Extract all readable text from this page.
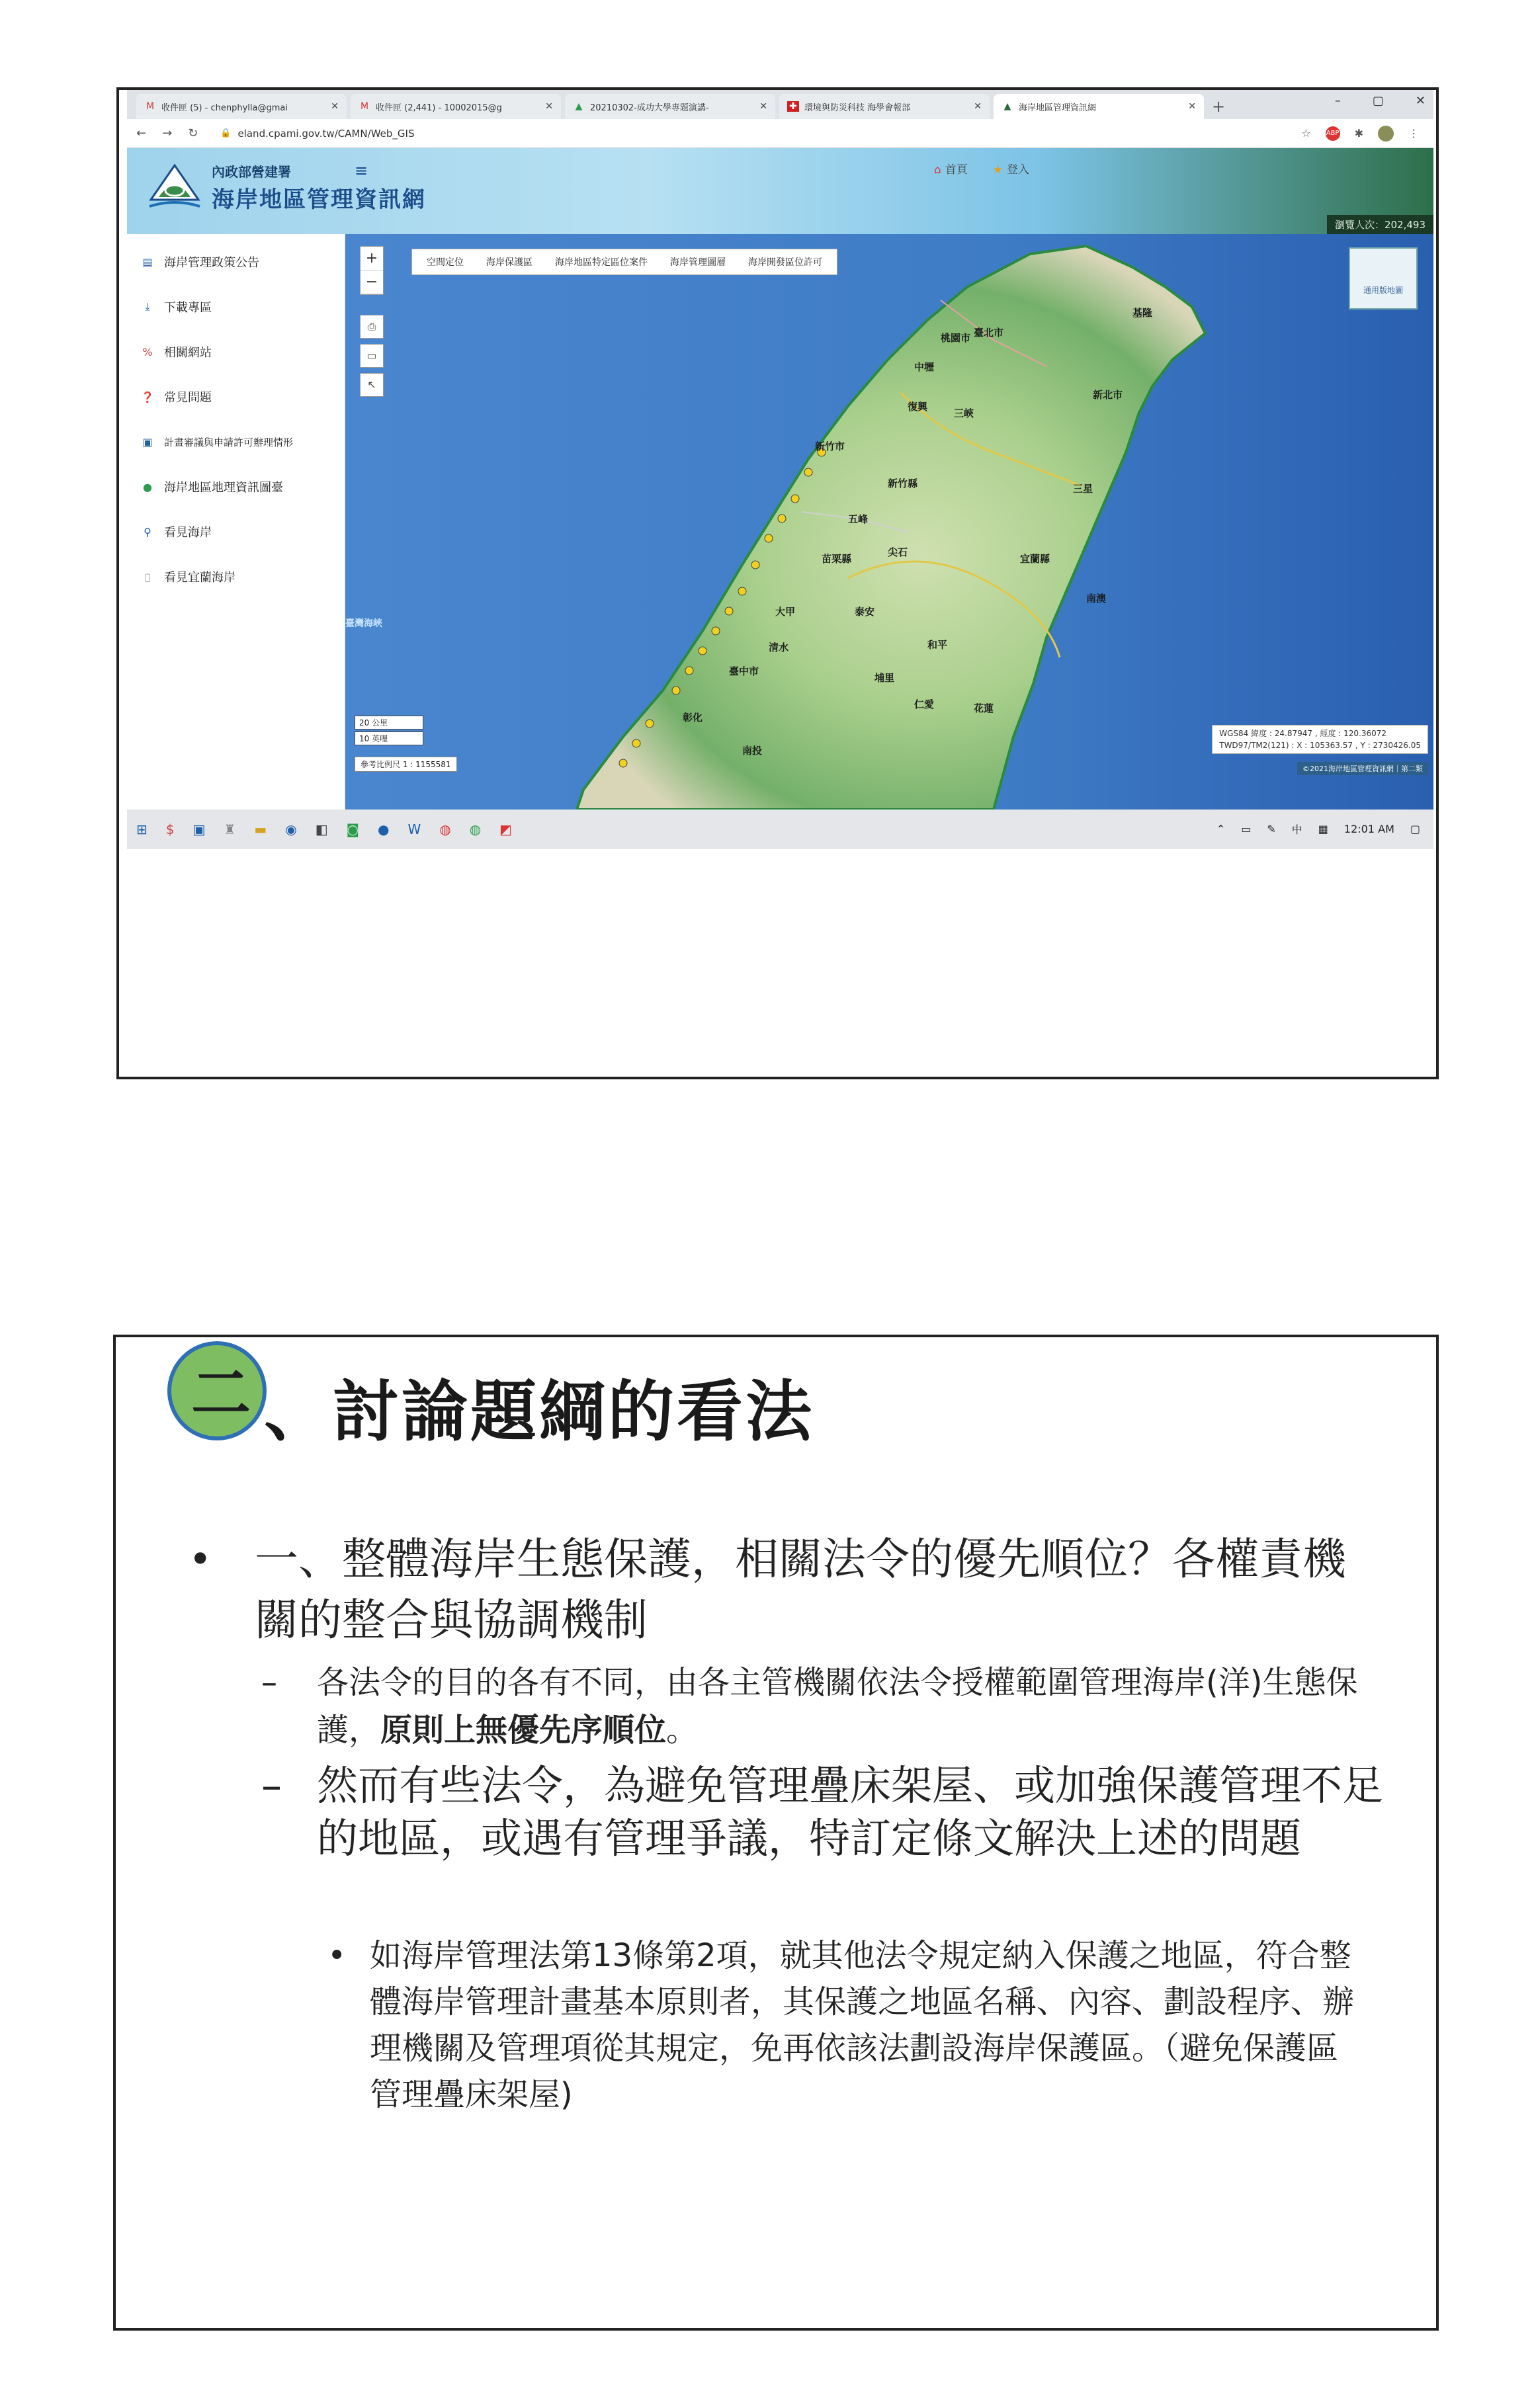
M 收件匣 (5) - chenphylla@gmai	✕ M 收件匣 (2,441) - 10002015@g	✕ ▲ 20210302-成功大學專題演講-	✕ ✚ 環境與防災科技 海學會報部	✕ ▲ 海岸地區管理資訊網	✕ +	–	▢	✕
← → ↻	🔒 eland.cpami.gov.tw/CAMN/Web_GIS	☆ ABP ✱	⋮
內政部營建署
海岸地區管理資訊網
≡	⌂ 首頁 ★ 登入
瀏覽人次：202,493
▤ 海岸管理政策公告
⤓	下載專區
% 相關網站
❓ 常見問題
▣ 計畫審議與申請許可辦理情形
● 海岸地區地理資訊圖臺
⚲ 看見海岸
▯	看見宜蘭海岸
+
−
⎙
▭
↖
空間定位 海岸保護區 海岸地區特定區位案件 海岸管理圖層 海岸開發區位許可
通用版地圖
臺灣海峽
臺北市
新北市
基隆
桃園市
中壢
新竹市
新竹縣
苗栗縣
臺中市
彰化
南投
宜蘭縣
花蓮
三峽
復興
尖石
五峰
三星
南澳
和平
泰安
仁愛
清水
大甲
埔里
20 公里
10 英哩
參考比例尺 1 : 1155581
WGS84 緯度 : 24.87947 , 經度 : 120.36072
TWD97/TM2(121) : X : 105363.57 , Y : 2730426.05
©2021海岸地區管理資訊網｜第二類
⊞ $ ▣ ♜ ▬ ◉ ◧ ◙ ● W ◍ ◍ ◩	⌃ ▭ ✎ 中 ▦ 12:01 AM ▢
二 、討論題綱的看法
• 一、整體海岸生態保護，相關法令的優先順位？各權責機關的整合與協調機制
– 各法令的目的各有不同，由各主管機關依法令授權範圍管理海岸(洋)生態保護，原則上無優先序順位。
– 然而有些法令，為避免管理疊床架屋、或加強保護管理不足的地區，或遇有管理爭議，特訂定條文解決上述的問題
• 如海岸管理法第13條第2項，就其他法令規定納入保護之地區，符合整體海岸管理計畫基本原則者，其保護之地區名稱、內容、劃設程序、辦理機關及管理項從其規定，免再依該法劃設海岸保護區。（避免保護區管理疊床架屋)
